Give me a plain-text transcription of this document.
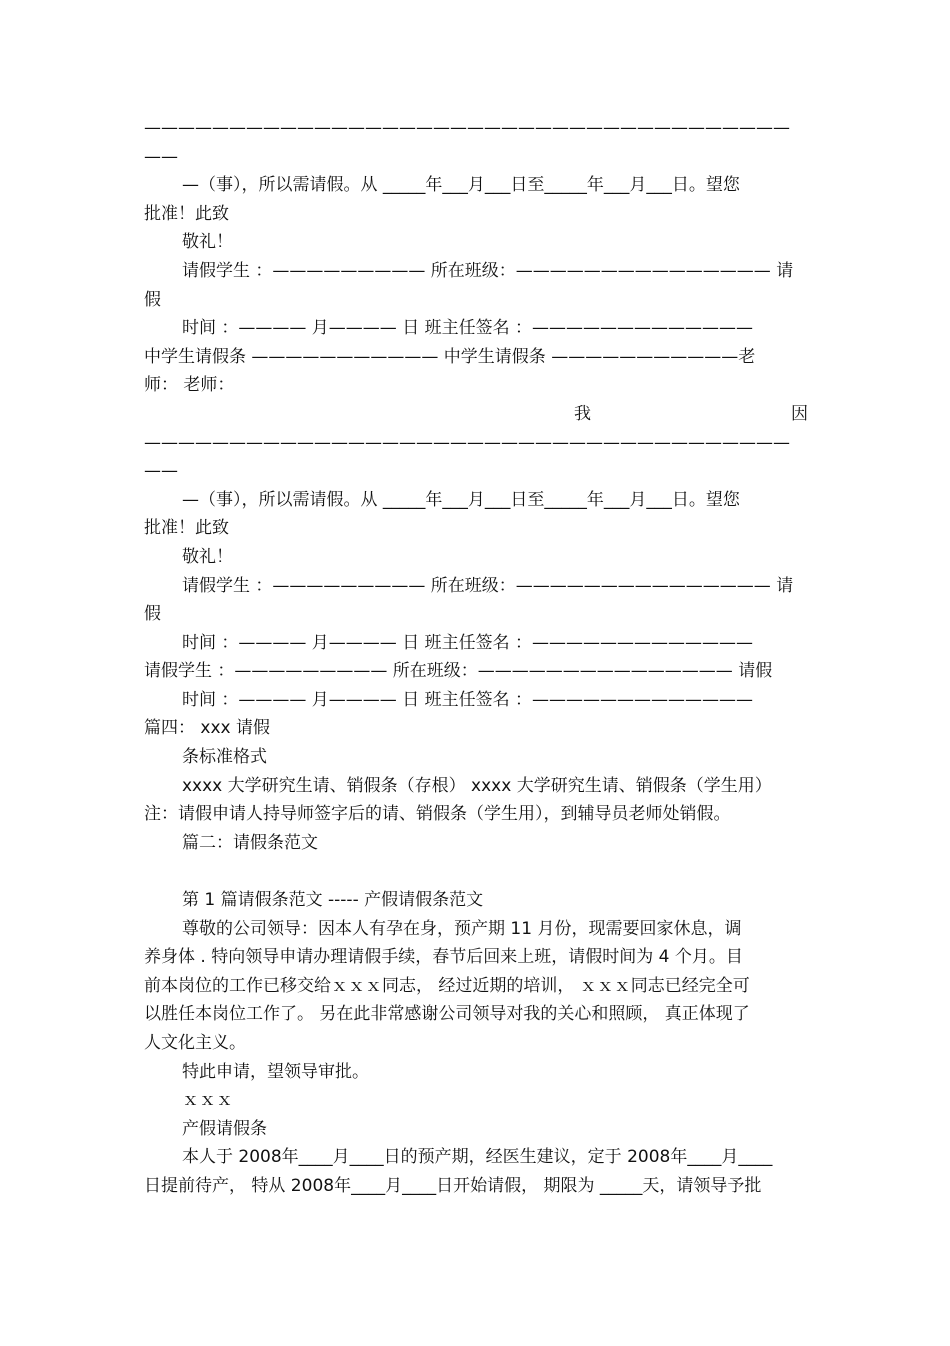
——————————————————————————————————————
——
—（事），所以需请假。从 _____年___月___日至_____年___月___日。望您
批准！此致
敬礼！
请假学生 ：————————— 所在班级：——————————————— 请
假
时间 ：———— 月———— 日 班主任签名 ：—————————————
中学生请假条 ——————————— 中学生请假条 ———————————老
师： 老师：
我	因
——————————————————————————————————————
——
—（事），所以需请假。从 _____年___月___日至_____年___月___日。望您
批准！此致
敬礼！
请假学生 ：————————— 所在班级：——————————————— 请
假
时间 ：———— 月———— 日 班主任签名 ：—————————————
请假学生 ：————————— 所在班级：——————————————— 请假
时间 ：———— 月———— 日 班主任签名 ：—————————————
篇四： xxx 请假
条标准格式
xxxx 大学研究生请、销假条（存根） xxxx 大学研究生请、销假条（学生用）
注：请假申请人持导师签字后的请、销假条（学生用），到辅导员老师处销假。
篇二：请假条范文
第 1 篇请假条范文 ----- 产假请假条范文
尊敬的公司领导：因本人有孕在身，预产期 11 月份，现需要回家休息，调
养身体 . 特向领导申请办理请假手续，春节后回来上班，请假时间为 4 个月。目
前本岗位的工作已移交给ｘｘｘ同志， 经过近期的培训， ｘｘｘ同志已经完全可
以胜任本岗位工作了。 另在此非常感谢公司领导对我的关心和照顾， 真正体现了
人文化主义。
特此申请，望领导审批。
ｘｘｘ
产假请假条
本人于 2008年____月____日的预产期，经医生建议，定于 2008年____月____
日提前待产， 特从 2008年____月____日开始请假， 期限为 _____天，请领导予批
